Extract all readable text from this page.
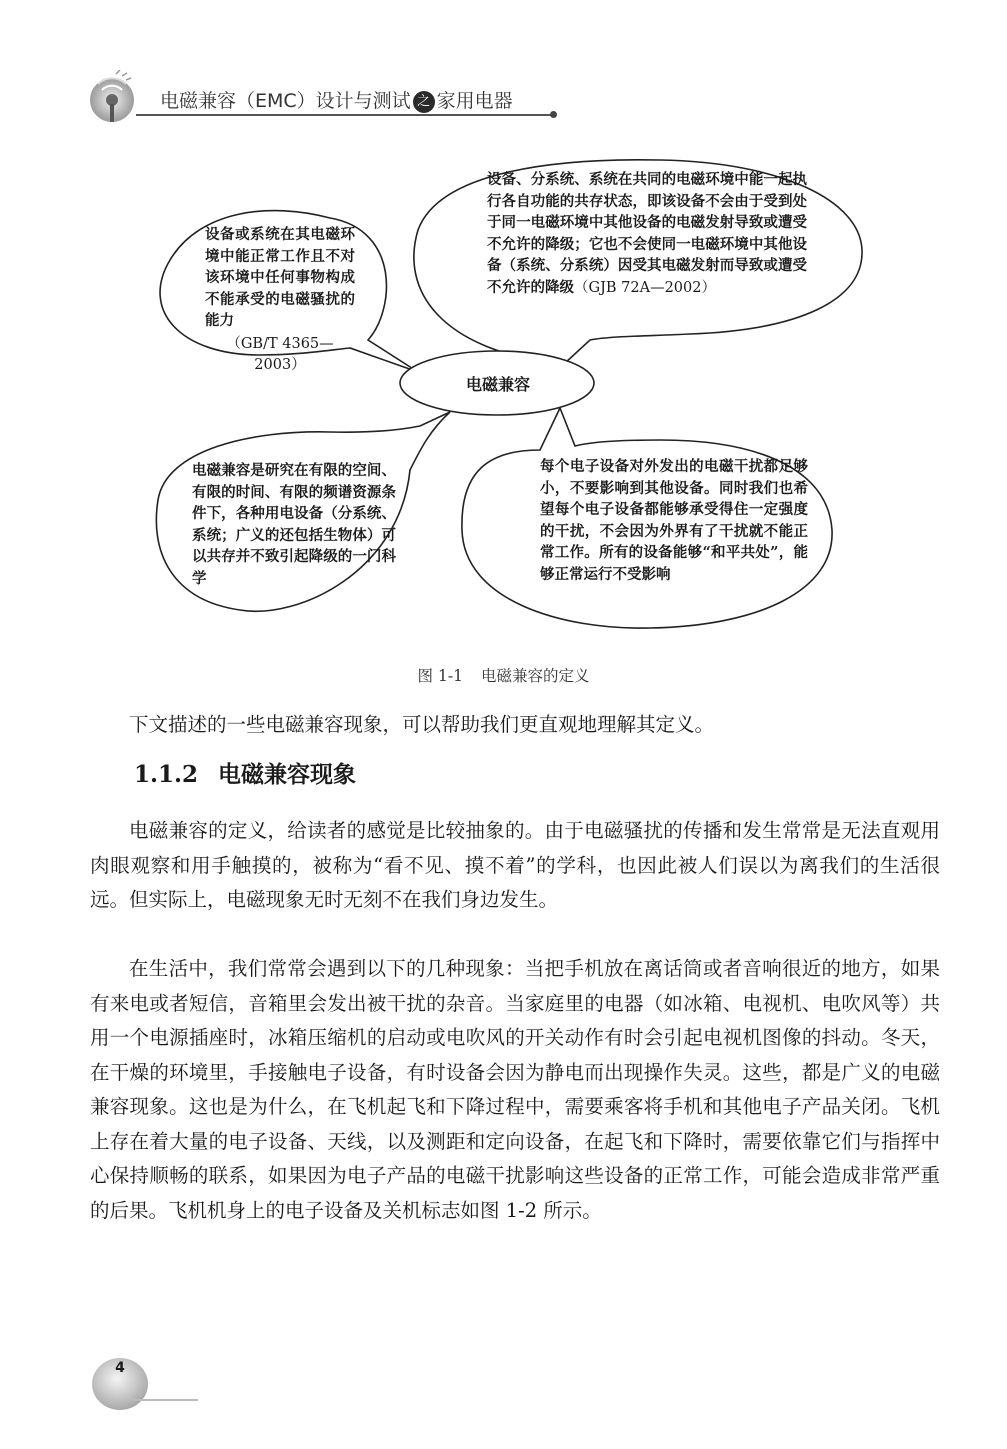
电磁兼容（EMC）设计与测试 之 家用电器
设备或系统在其电磁环境中能正常工作且不对该环境中任何事物构成不能承受的电磁骚扰的能力
（GB/T 4365—2003）
设备、分系统、系统在共同的电磁环境中能一起执行各自功能的共存状态，即该设备不会由于受到处于同一电磁环境中其他设备的电磁发射导致或遭受不允许的降级；它也不会使同一电磁环境中其他设备（系统、分系统）因受其电磁发射而导致或遭受不允许的降级（GJB 72A—2002）
电磁兼容
电磁兼容是研究在有限的空间、有限的时间、有限的频谱资源条件下，各种用电设备（分系统、系统；广义的还包括生物体）可以共存并不致引起降级的一门科学
每个电子设备对外发出的电磁干扰都足够小，不要影响到其他设备。同时我们也希望每个电子设备都能够承受得住一定强度的干扰，不会因为外界有了干扰就不能正常工作。所有的设备能够“和平共处”，能够正常运行不受影响
图 1-1 电磁兼容的定义
下文描述的一些电磁兼容现象，可以帮助我们更直观地理解其定义。
1.1.2 电磁兼容现象
电磁兼容的定义，给读者的感觉是比较抽象的。由于电磁骚扰的传播和发生常常是无法直观用肉眼观察和用手触摸的，被称为“看不见、摸不着”的学科，也因此被人们误以为离我们的生活很远。但实际上，电磁现象无时无刻不在我们身边发生。
在生活中，我们常常会遇到以下的几种现象：当把手机放在离话筒或者音响很近的地方，如果有来电或者短信，音箱里会发出被干扰的杂音。当家庭里的电器（如冰箱、电视机、电吹风等）共用一个电源插座时，冰箱压缩机的启动或电吹风的开关动作有时会引起电视机图像的抖动。冬天，在干燥的环境里，手接触电子设备，有时设备会因为静电而出现操作失灵。这些，都是广义的电磁兼容现象。这也是为什么，在飞机起飞和下降过程中，需要乘客将手机和其他电子产品关闭。飞机上存在着大量的电子设备、天线，以及测距和定向设备，在起飞和下降时，需要依靠它们与指挥中心保持顺畅的联系，如果因为电子产品的电磁干扰影响这些设备的正常工作，可能会造成非常严重的后果。飞机机身上的电子设备及关机标志如图 1-2 所示。
4
